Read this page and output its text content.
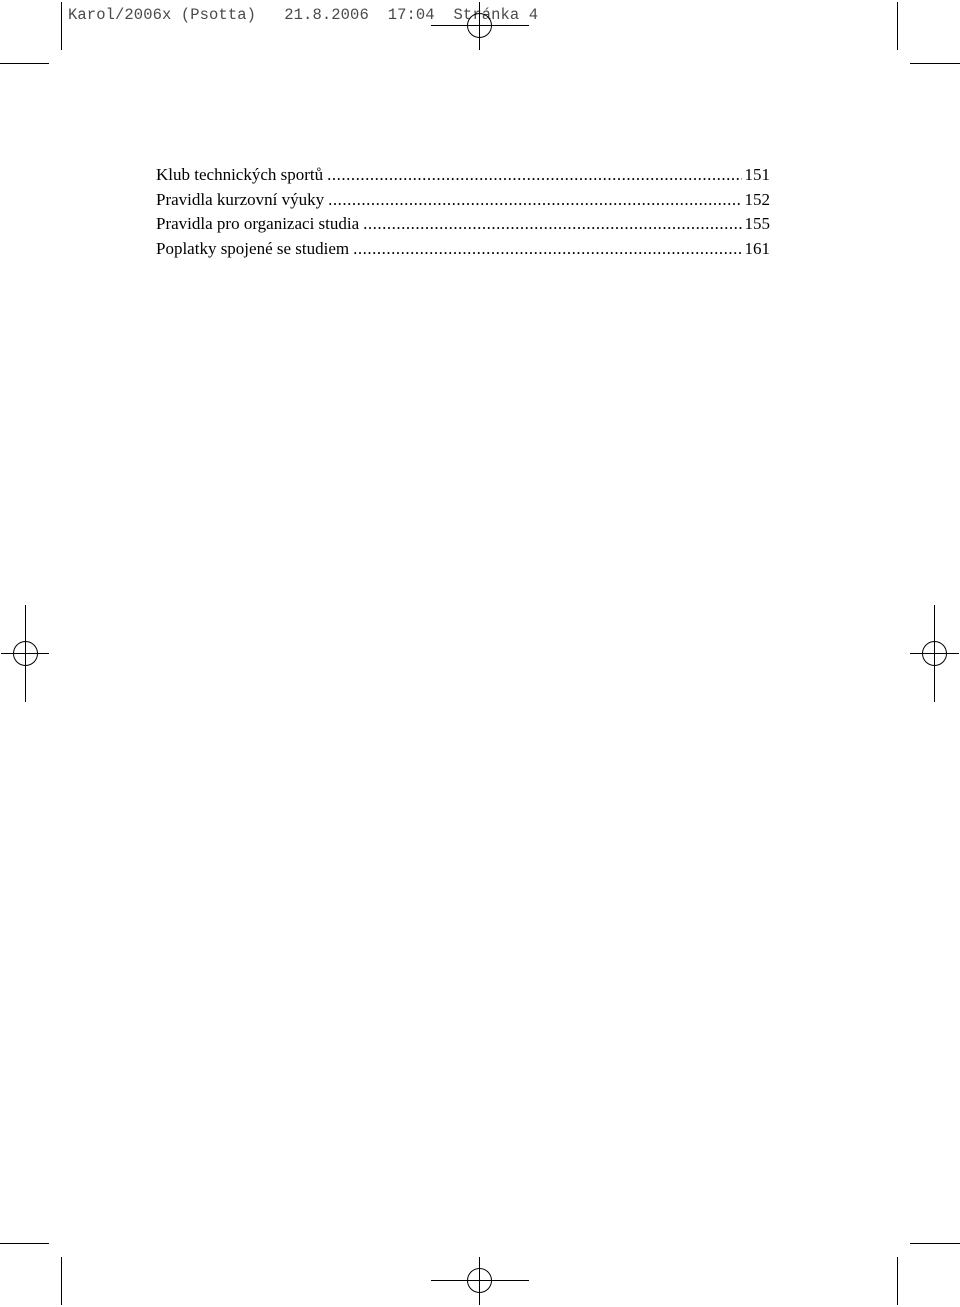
Karol/2006x (Psotta) 21.8.2006 17:04 Stránka 4
Klub technických sportů .....	151
Pravidla kurzovní výuky .....	152
Pravidla pro organizaci studia .....	155
Poplatky spojené se studiem .....	161
